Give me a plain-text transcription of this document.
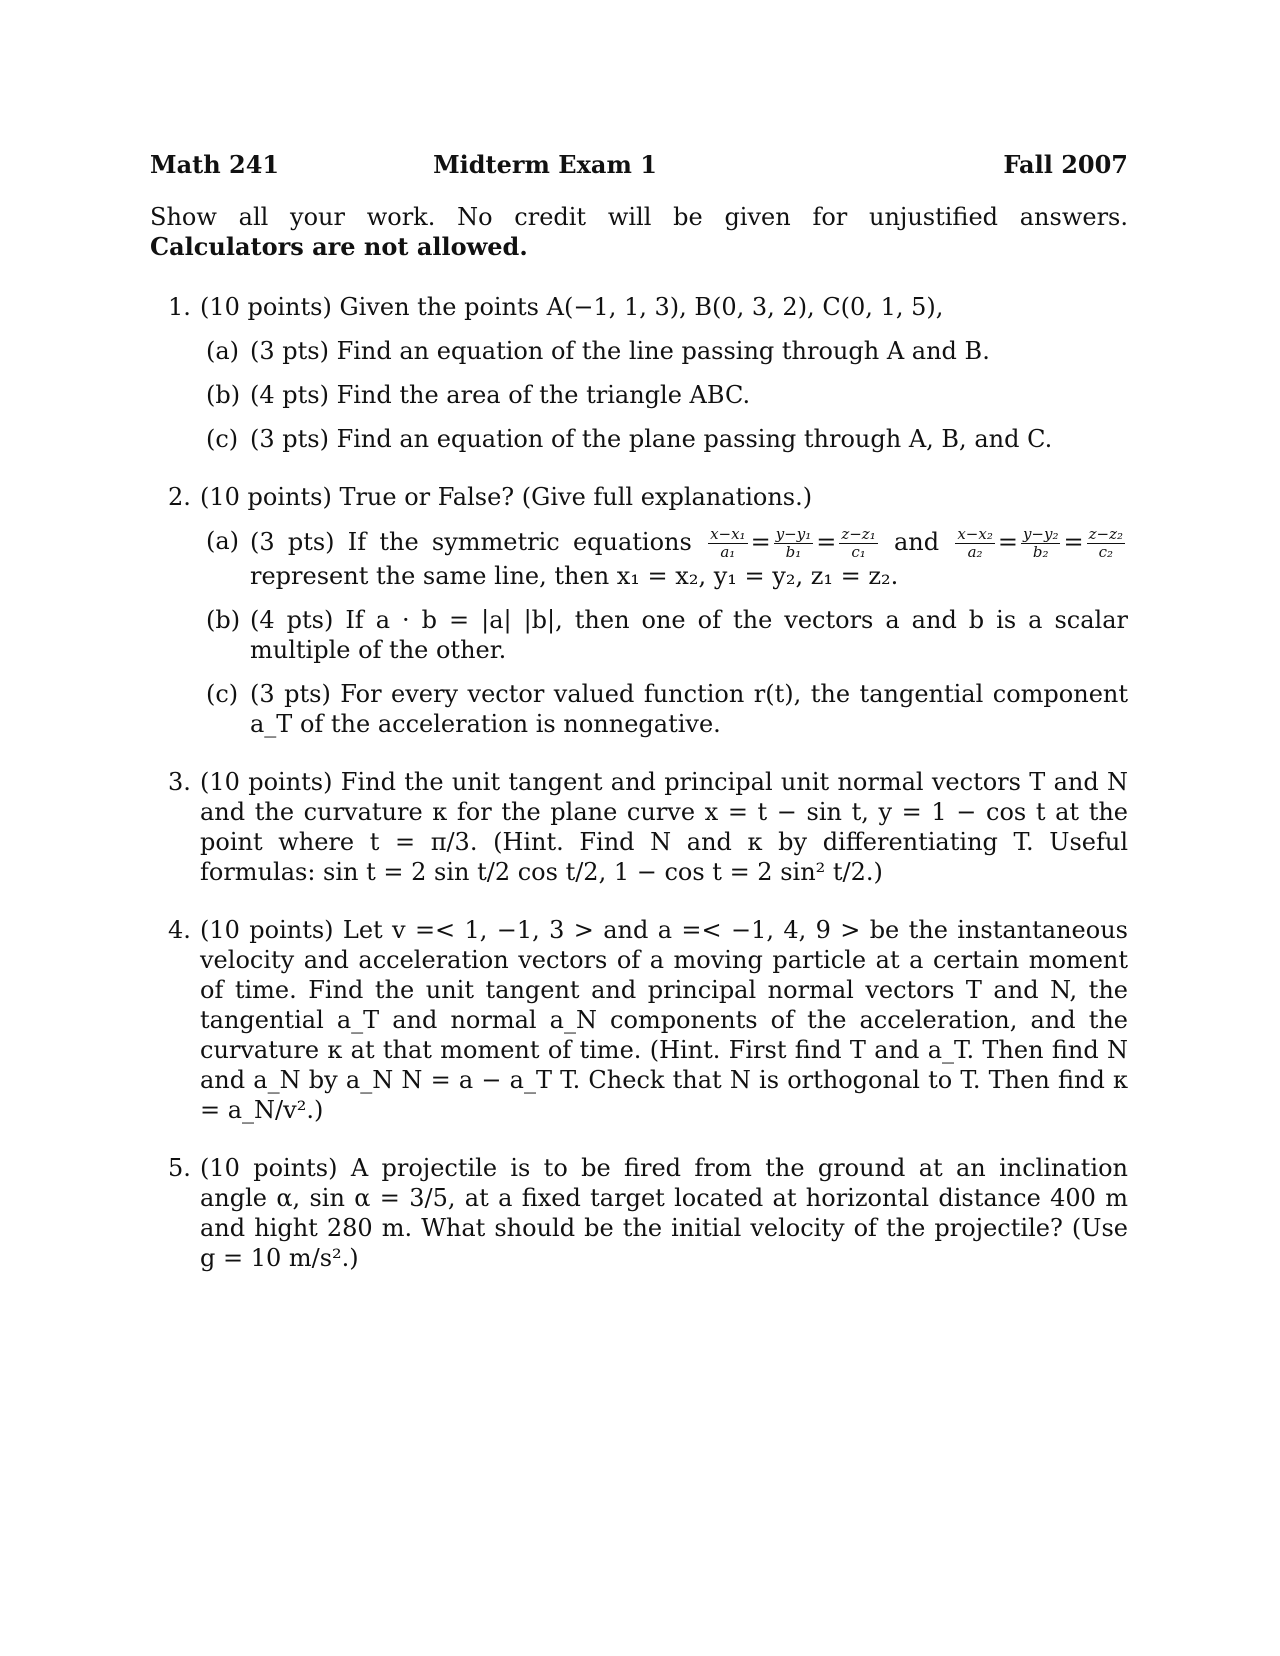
Math 241	Midterm Exam 1	Fall 2007
Show all your work. No credit will be given for unjustified answers. Calculators are not allowed.
1. (10 points) Given the points A(−1, 1, 3), B(0, 3, 2), C(0, 1, 5),
(a) (3 pts) Find an equation of the line passing through A and B.
(b) (4 pts) Find the area of the triangle ABC.
(c) (3 pts) Find an equation of the plane passing through A, B, and C.
2. (10 points) True or False? (Give full explanations.)
(a) (3 pts) If the symmetric equations $\frac{\text{x−x₁}}{\text{a₁}} = \frac{\text{y−y₁}}{\text{b₁}} = \frac{\text{z−z₁}}{\text{c₁}}$ and $\frac{\text{x−x₂}}{\text{a₂}} = \frac{\text{y−y₂}}{\text{b₂}} = \frac{\text{z−z₂}}{\text{c₂}}$
represent the same line, then x₁ = x₂, y₁ = y₂, z₁ = z₂.
(b) (4 pts) If a · b = |a| |b|, then one of the vectors a and b is a scalar multiple of the other.
(c) (3 pts) For every vector valued function r(t), the tangential component a_T of the acceleration is nonnegative.
3. (10 points) Find the unit tangent and principal unit normal vectors T and N and the curvature κ for the plane curve x = t − sin t, y = 1 − cos t at the point where t = π/3. (Hint. Find N and κ by differentiating T. Useful formulas: sin t = 2 sin t/2 cos t/2, 1 − cos t = 2 sin² t/2.)
4. (10 points) Let v =< 1, −1, 3 > and a =< −1, 4, 9 > be the instantaneous velocity and acceleration vectors of a moving particle at a certain moment of time. Find the unit tangent and principal normal vectors T and N, the tangential a_T and normal a_N components of the acceleration, and the curvature κ at that moment of time. (Hint. First find T and a_T. Then find N and a_N by a_N N = a − a_T T. Check that N is orthogonal to T. Then find κ = a_N/v².)
5. (10 points) A projectile is to be fired from the ground at an inclination angle α, sin α = 3/5, at a fixed target located at horizontal distance 400 m and hight 280 m. What should be the initial velocity of the projectile? (Use g = 10 m/s².)
